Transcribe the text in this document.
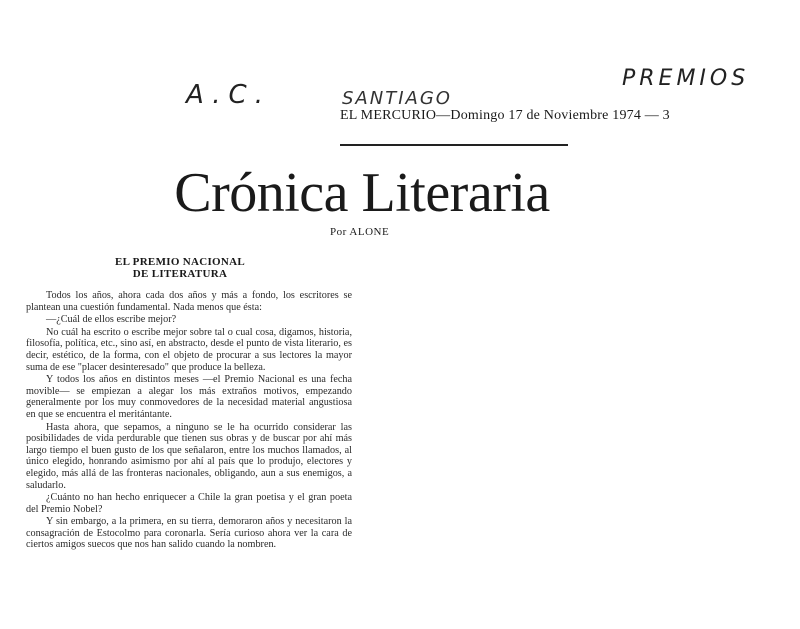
A.C.	SANTIAGO
PREMIOS
EL MERCURIO—Domingo 17 de Noviembre 1974 — 3
Crónica Literaria
Por ALONE
EL PREMIO NACIONAL
DE LITERATURA

Todos los años, ahora cada dos años y más a fondo, los escritores se plantean una cuestión fundamental. Nada menos que ésta:

—¿Cuál de ellos escribe mejor?

No cuál ha escrito o escribe mejor sobre tal o cual cosa, digamos, historia, filosofía, política, etc., sino así, en abstracto, desde el punto de vista literario, es decir, estético, de la forma, con el objeto de procurar a sus lectores la mayor suma de ese "placer desinteresado" que produce la belleza.

Y todos los años en distintos meses —el Premio Nacional es una fecha movible— se empiezan a alegar los más extraños motivos, empezando generalmente por los muy conmovedores de la necesidad material angustiosa en que se encuentra el meritántante.

Hasta ahora, que sepamos, a ninguno se le ha ocurrido considerar las posibilidades de vida perdurable que tienen sus obras y de buscar por ahí más largo tiempo el buen gusto de los que señalaron, entre los muchos llamados, al único elegido, honrando asimismo por ahí al país que lo produjo, electores y elegido, más allá de las fronteras nacionales, obligando, aun a sus enemigos, a saludarlo.

¿Cuánto no han hecho enriquecer a Chile la gran poetisa y el gran poeta del Premio Nobel?

Y sin embargo, a la primera, en su tierra, demoraron años y necesitaron la consagración de Estocolmo para coronarla. Sería curioso ahora ver la cara de ciertos amigos suecos que nos han salido cuando la nombren.
